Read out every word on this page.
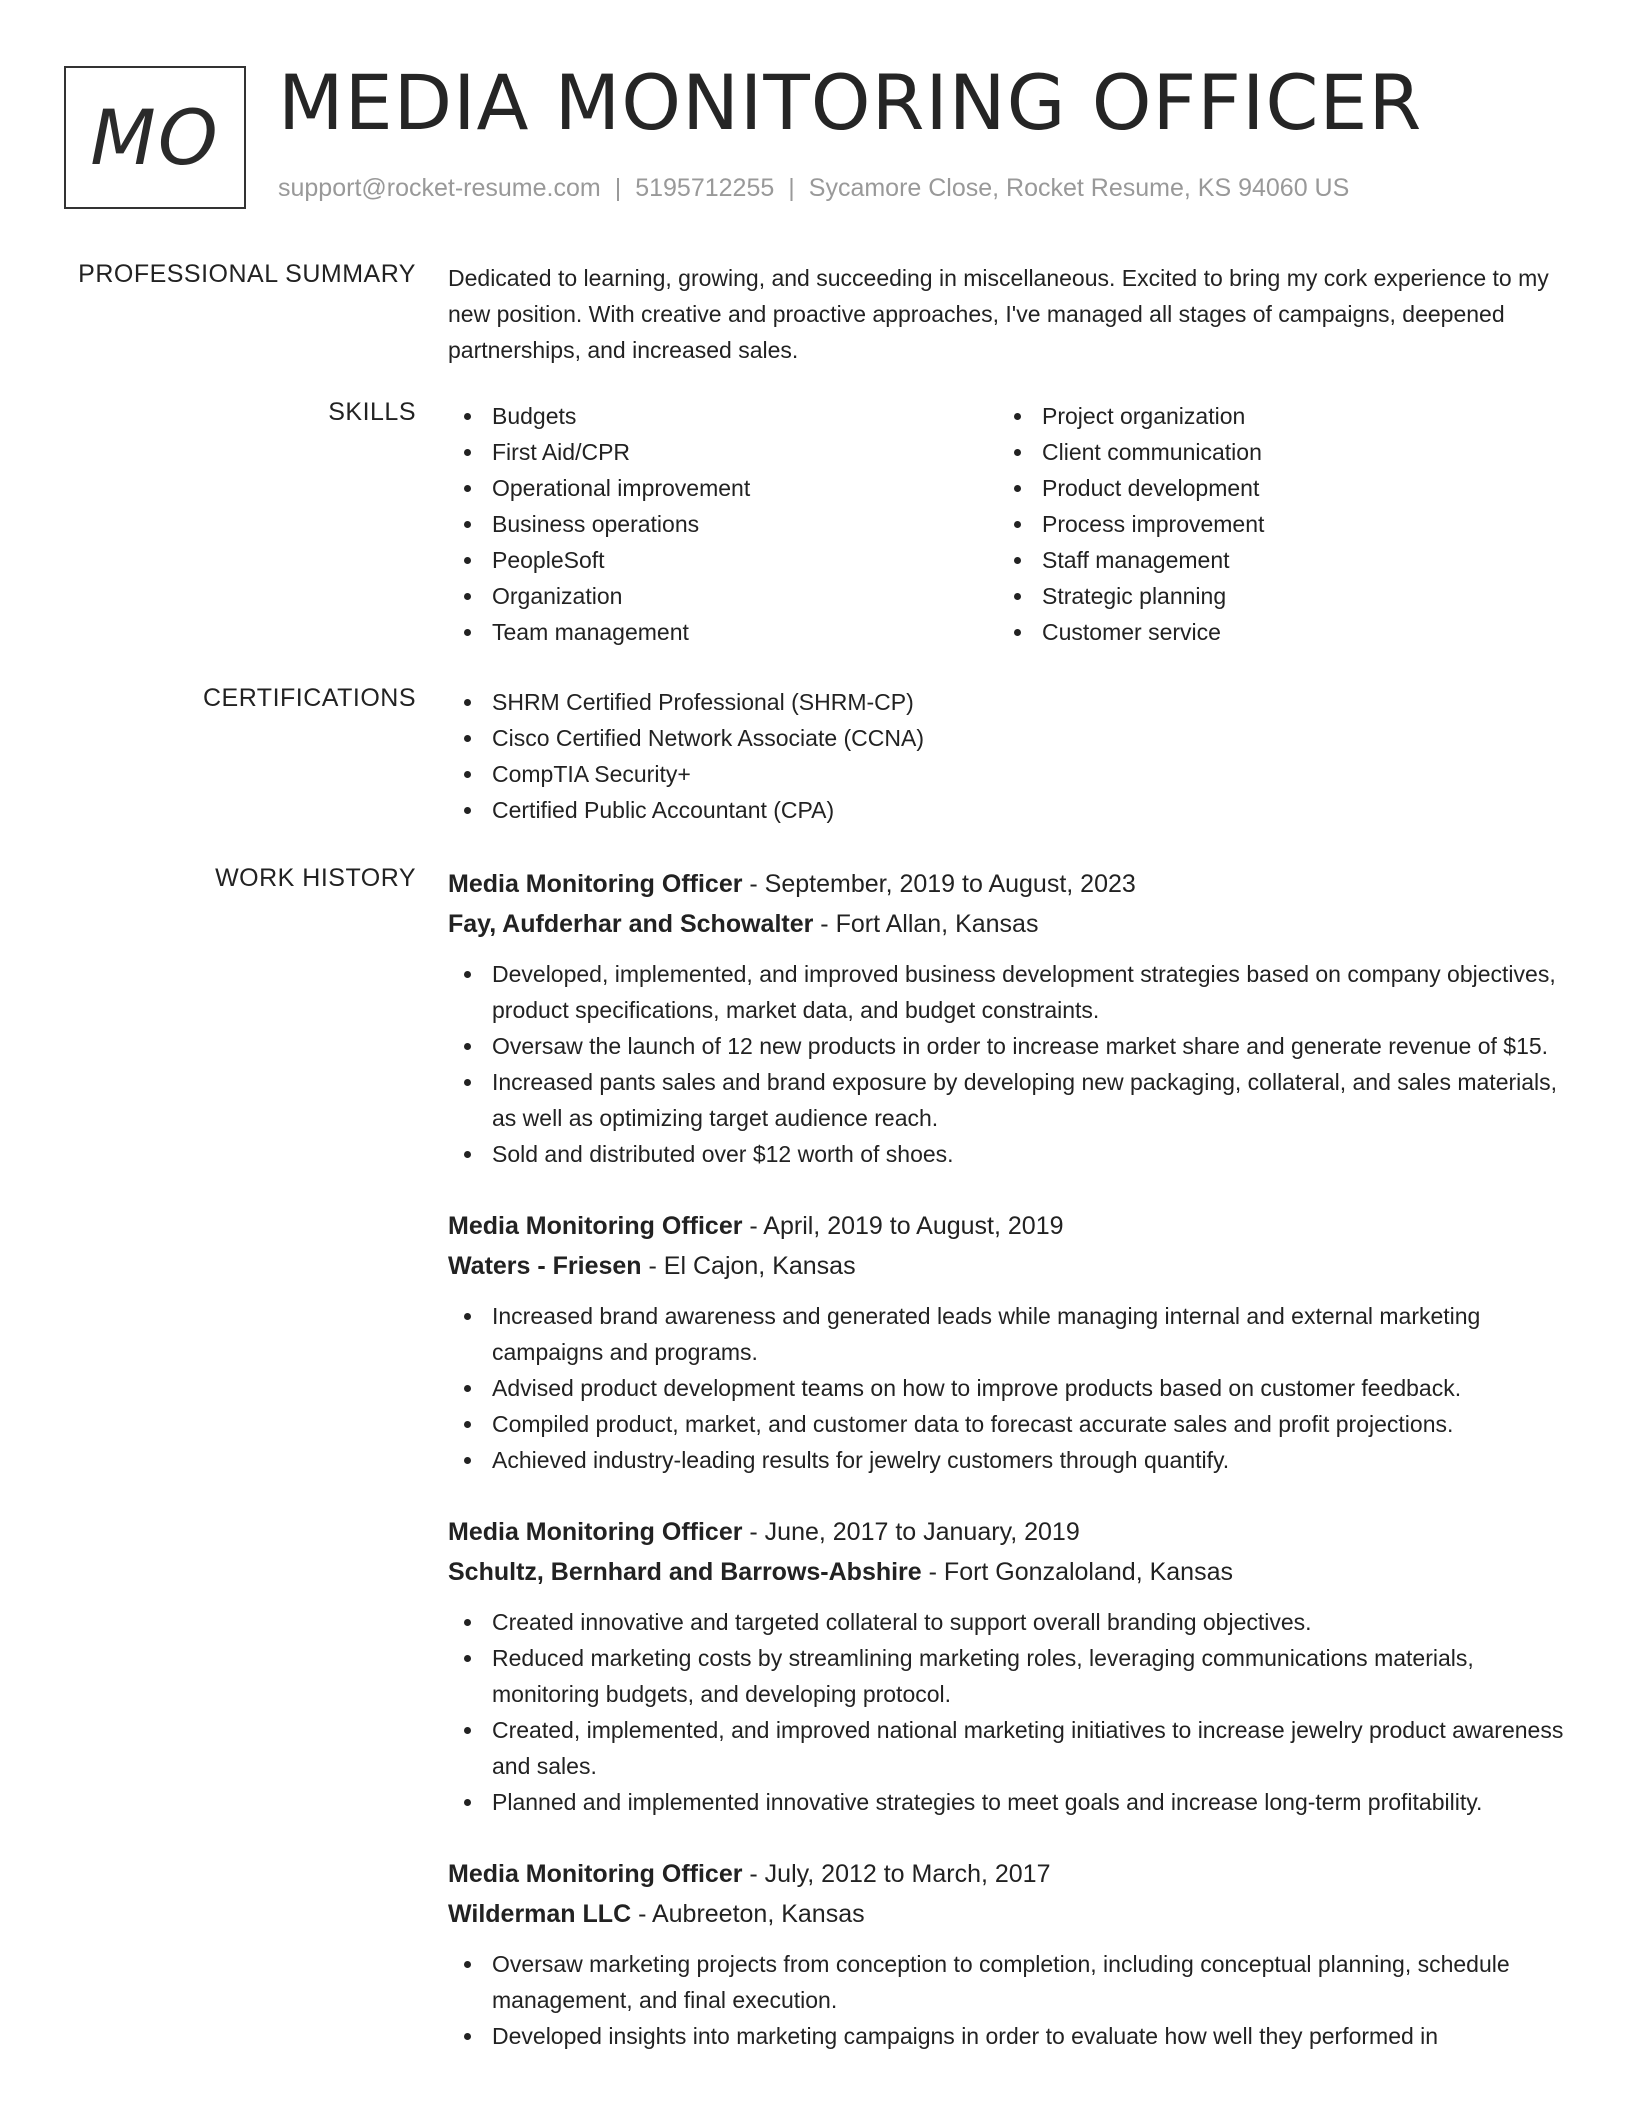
MO MEDIA MONITORING OFFICER
support@rocket-resume.com | 5195712255 | Sycamore Close, Rocket Resume, KS 94060 US
PROFESSIONAL SUMMARY Dedicated to learning, growing, and succeeding in miscellaneous. Excited to bring my cork experience to my new position. With creative and proactive approaches, I've managed all stages of campaigns, deepened partnerships, and increased sales.
SKILLS	Budgets
First Aid/CPR
Operational improvement
Business operations
PeopleSoft
Organization
Team management
Project organization
Client communication
Product development
Process improvement
Staff management
Strategic planning
Customer service
CERTIFICATIONS	SHRM Certified Professional (SHRM-CP)
Cisco Certified Network Associate (CCNA)
CompTIA Security+
Certified Public Accountant (CPA)
WORK HISTORY Media Monitoring Officer - September, 2019 to August, 2023
Fay, Aufderhar and Schowalter - Fort Allan, Kansas
Developed, implemented, and improved business development strategies based on company objectives, product specifications, market data, and budget constraints.
Oversaw the launch of 12 new products in order to increase market share and generate revenue of $15.
Increased pants sales and brand exposure by developing new packaging, collateral, and sales materials, as well as optimizing target audience reach.
Sold and distributed over $12 worth of shoes.
Media Monitoring Officer - April, 2019 to August, 2019
Waters - Friesen - El Cajon, Kansas
Increased brand awareness and generated leads while managing internal and external marketing campaigns and programs.
Advised product development teams on how to improve products based on customer feedback.
Compiled product, market, and customer data to forecast accurate sales and profit projections.
Achieved industry-leading results for jewelry customers through quantify.
Media Monitoring Officer - June, 2017 to January, 2019
Schultz, Bernhard and Barrows-Abshire - Fort Gonzaloland, Kansas
Created innovative and targeted collateral to support overall branding objectives.
Reduced marketing costs by streamlining marketing roles, leveraging communications materials, monitoring budgets, and developing protocol.
Created, implemented, and improved national marketing initiatives to increase jewelry product awareness and sales.
Planned and implemented innovative strategies to meet goals and increase long-term profitability.
Media Monitoring Officer - July, 2012 to March, 2017
Wilderman LLC - Aubreeton, Kansas
Oversaw marketing projects from conception to completion, including conceptual planning, schedule management, and final execution.
Developed insights into marketing campaigns in order to evaluate how well they performed in
